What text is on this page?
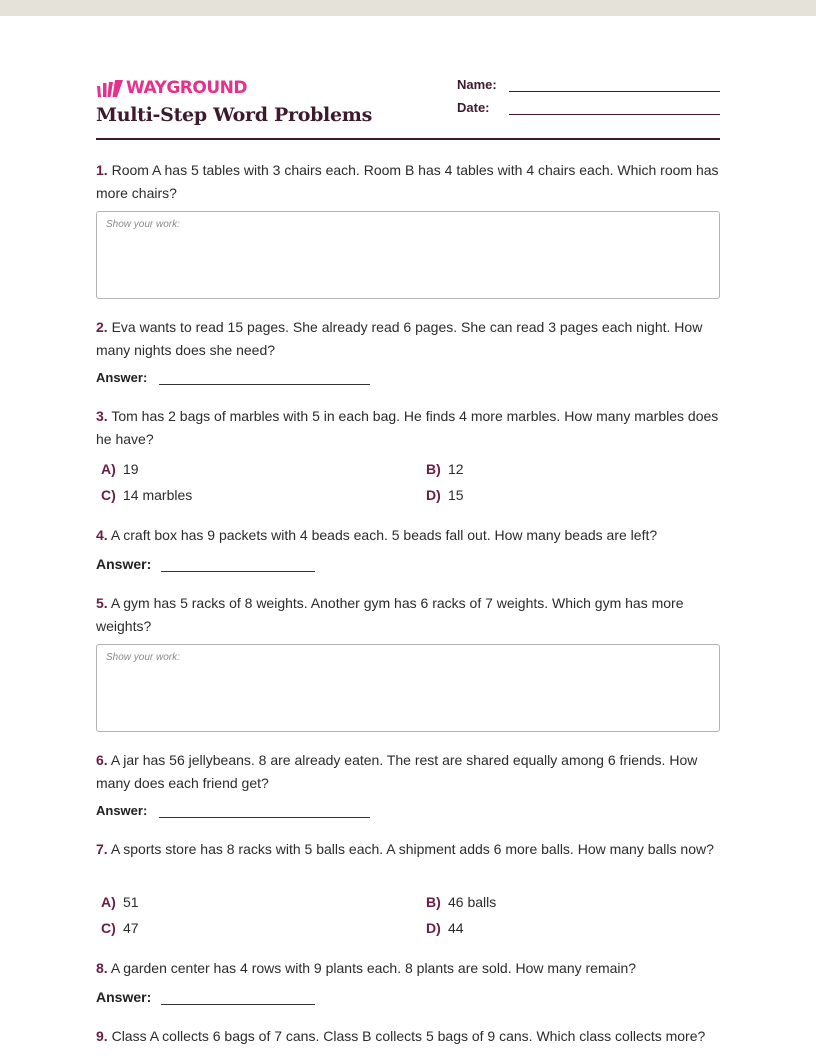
WAYGROUND
Multi-Step Word Problems
Name:
Date:
1. Room A has 5 tables with 3 chairs each. Room B has 4 tables with 4 chairs each. Which room has more chairs?
Show your work:
2. Eva wants to read 15 pages. She already read 6 pages. She can read 3 pages each night. How many nights does she need?
Answer:
3. Tom has 2 bags of marbles with 5 in each bag. He finds 4 more marbles. How many marbles does he have?
A) 19	B) 12
C) 14 marbles	D) 15
4. A craft box has 9 packets with 4 beads each. 5 beads fall out. How many beads are left?
Answer:
5. A gym has 5 racks of 8 weights. Another gym has 6 racks of 7 weights. Which gym has more weights?
Show your work:
6. A jar has 56 jellybeans. 8 are already eaten. The rest are shared equally among 6 friends. How many does each friend get?
Answer:
7. A sports store has 8 racks with 5 balls each. A shipment adds 6 more balls. How many balls now?
A) 51	B) 46 balls
C) 47	D) 44
8. A garden center has 4 rows with 9 plants each. 8 plants are sold. How many remain?
Answer:
9. Class A collects 6 bags of 7 cans. Class B collects 5 bags of 9 cans. Which class collects more?
